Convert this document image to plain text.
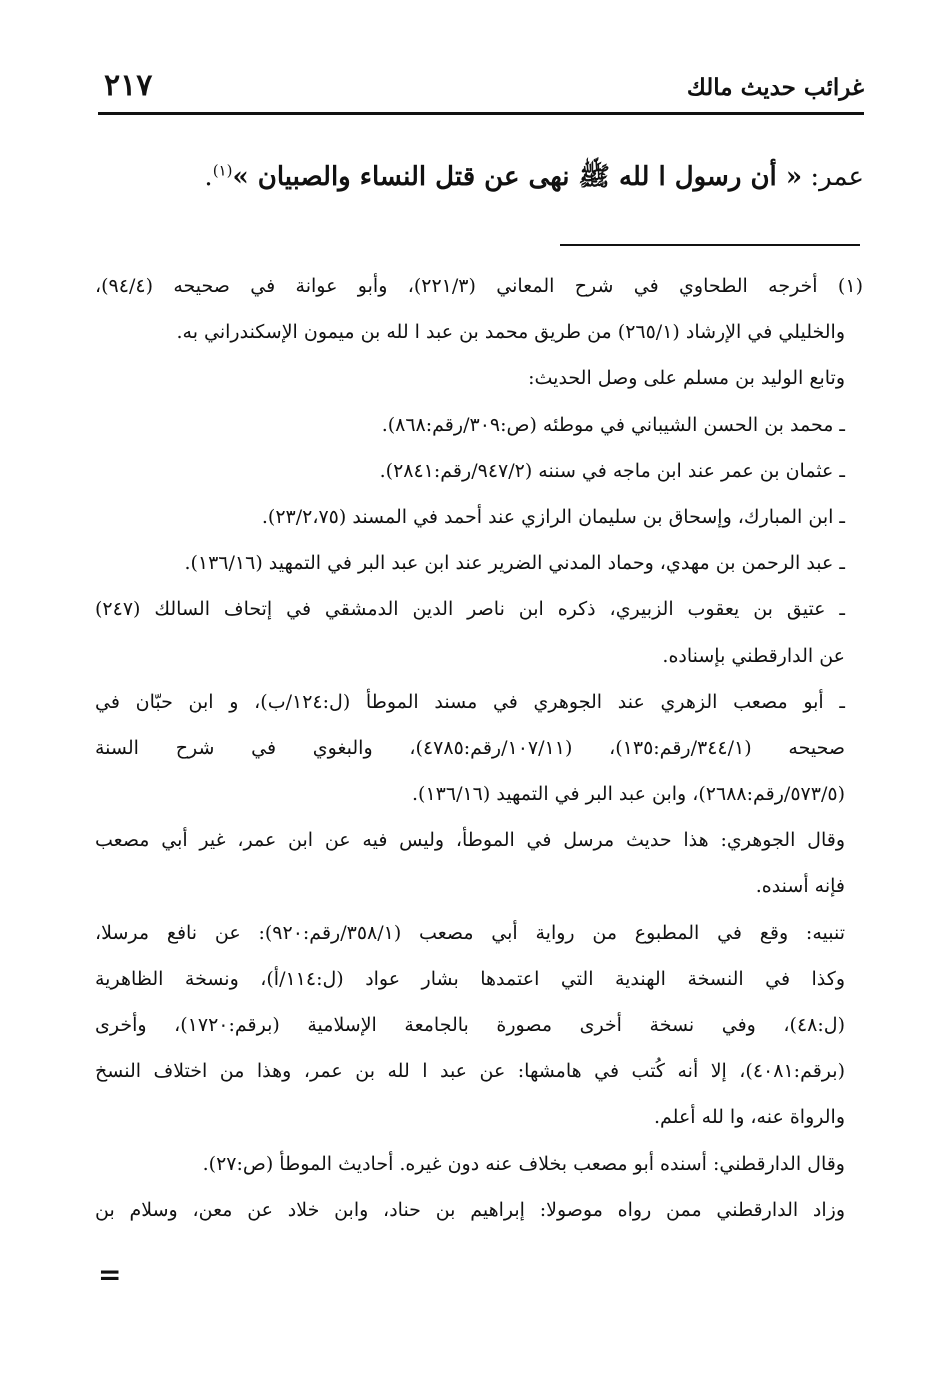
غرائب حديث مالك
٢١٧
عمر: « أن رسول ا لله ﷺ نهى عن قتل النساء والصبيان »$^{(١)}$.
(١) أخرجه الطحاوي في شرح المعاني (٢٢١/٣)، وأبو عوانة في صحيحه (٩٤/٤)،
والخليلي في الإرشاد (٢٦٥/١) من طريق محمد بن عبد ا لله بن ميمون الإسكندراني به.
وتابع الوليد بن مسلم على وصل الحديث:
ـ محمد بن الحسن الشيباني في موطئه (ص:٣٠٩/رقم:٨٦٨).
ـ عثمان بن عمر عند ابن ماجه في سننه (٩٤٧/٢/رقم:٢٨٤١).
ـ ابن المبارك، وإسحاق بن سليمان الرازي عند أحمد في المسند (٢٣/٢،٧٥).
ـ عبد الرحمن بن مهدي، وحماد المدني الضرير عند ابن عبد البر في التمهيد (١٣٦/١٦).
ـ عتيق بن يعقوب الزبيري، ذكره ابن ناصر الدين الدمشقي في إتحاف السالك (٢٤٧)
عن الدارقطني بإسناده.
ـ أبو مصعب الزهري عند الجوهري في مسند الموطأ (ل:١٢٤/ب)، و ابن حبّان في
صحيحه (٣٤٤/١/رقم:١٣٥)، (١٠٧/١١/رقم:٤٧٨٥)، والبغوي في شرح السنة
(٥٧٣/٥/رقم:٢٦٨٨)، وابن عبد البر في التمهيد (١٣٦/١٦).
وقال الجوهري: هذا حديث مرسل في الموطأ، وليس فيه عن ابن عمر، غير أبي مصعب
فإنه أسنده.
تنبيه: وقع في المطبوع من رواية أبي مصعب (٣٥٨/١/رقم:٩٢٠): عن نافع مرسلا،
وكذا في النسخة الهندية التي اعتمدها بشار عواد (ل:١١٤/أ)، ونسخة الظاهرية
(ل:٤٨)، وفي نسخة أخرى مصورة بالجامعة الإسلامية (برقم:١٧٢٠)، وأخرى
(برقم:٤٠٨١)، إلا أنه كُتب في هامشها: عن عبد ا لله بن عمر، وهذا من اختلاف النسخ
والرواة عنه، وا لله أعلم.
وقال الدارقطني: أسنده أبو مصعب بخلاف عنه دون غيره. أحاديث الموطأ (ص:٢٧).
وزاد الدارقطني ممن رواه موصولا: إبراهيم بن حناد، وابن خلاد عن معن، وسلام بن
=
